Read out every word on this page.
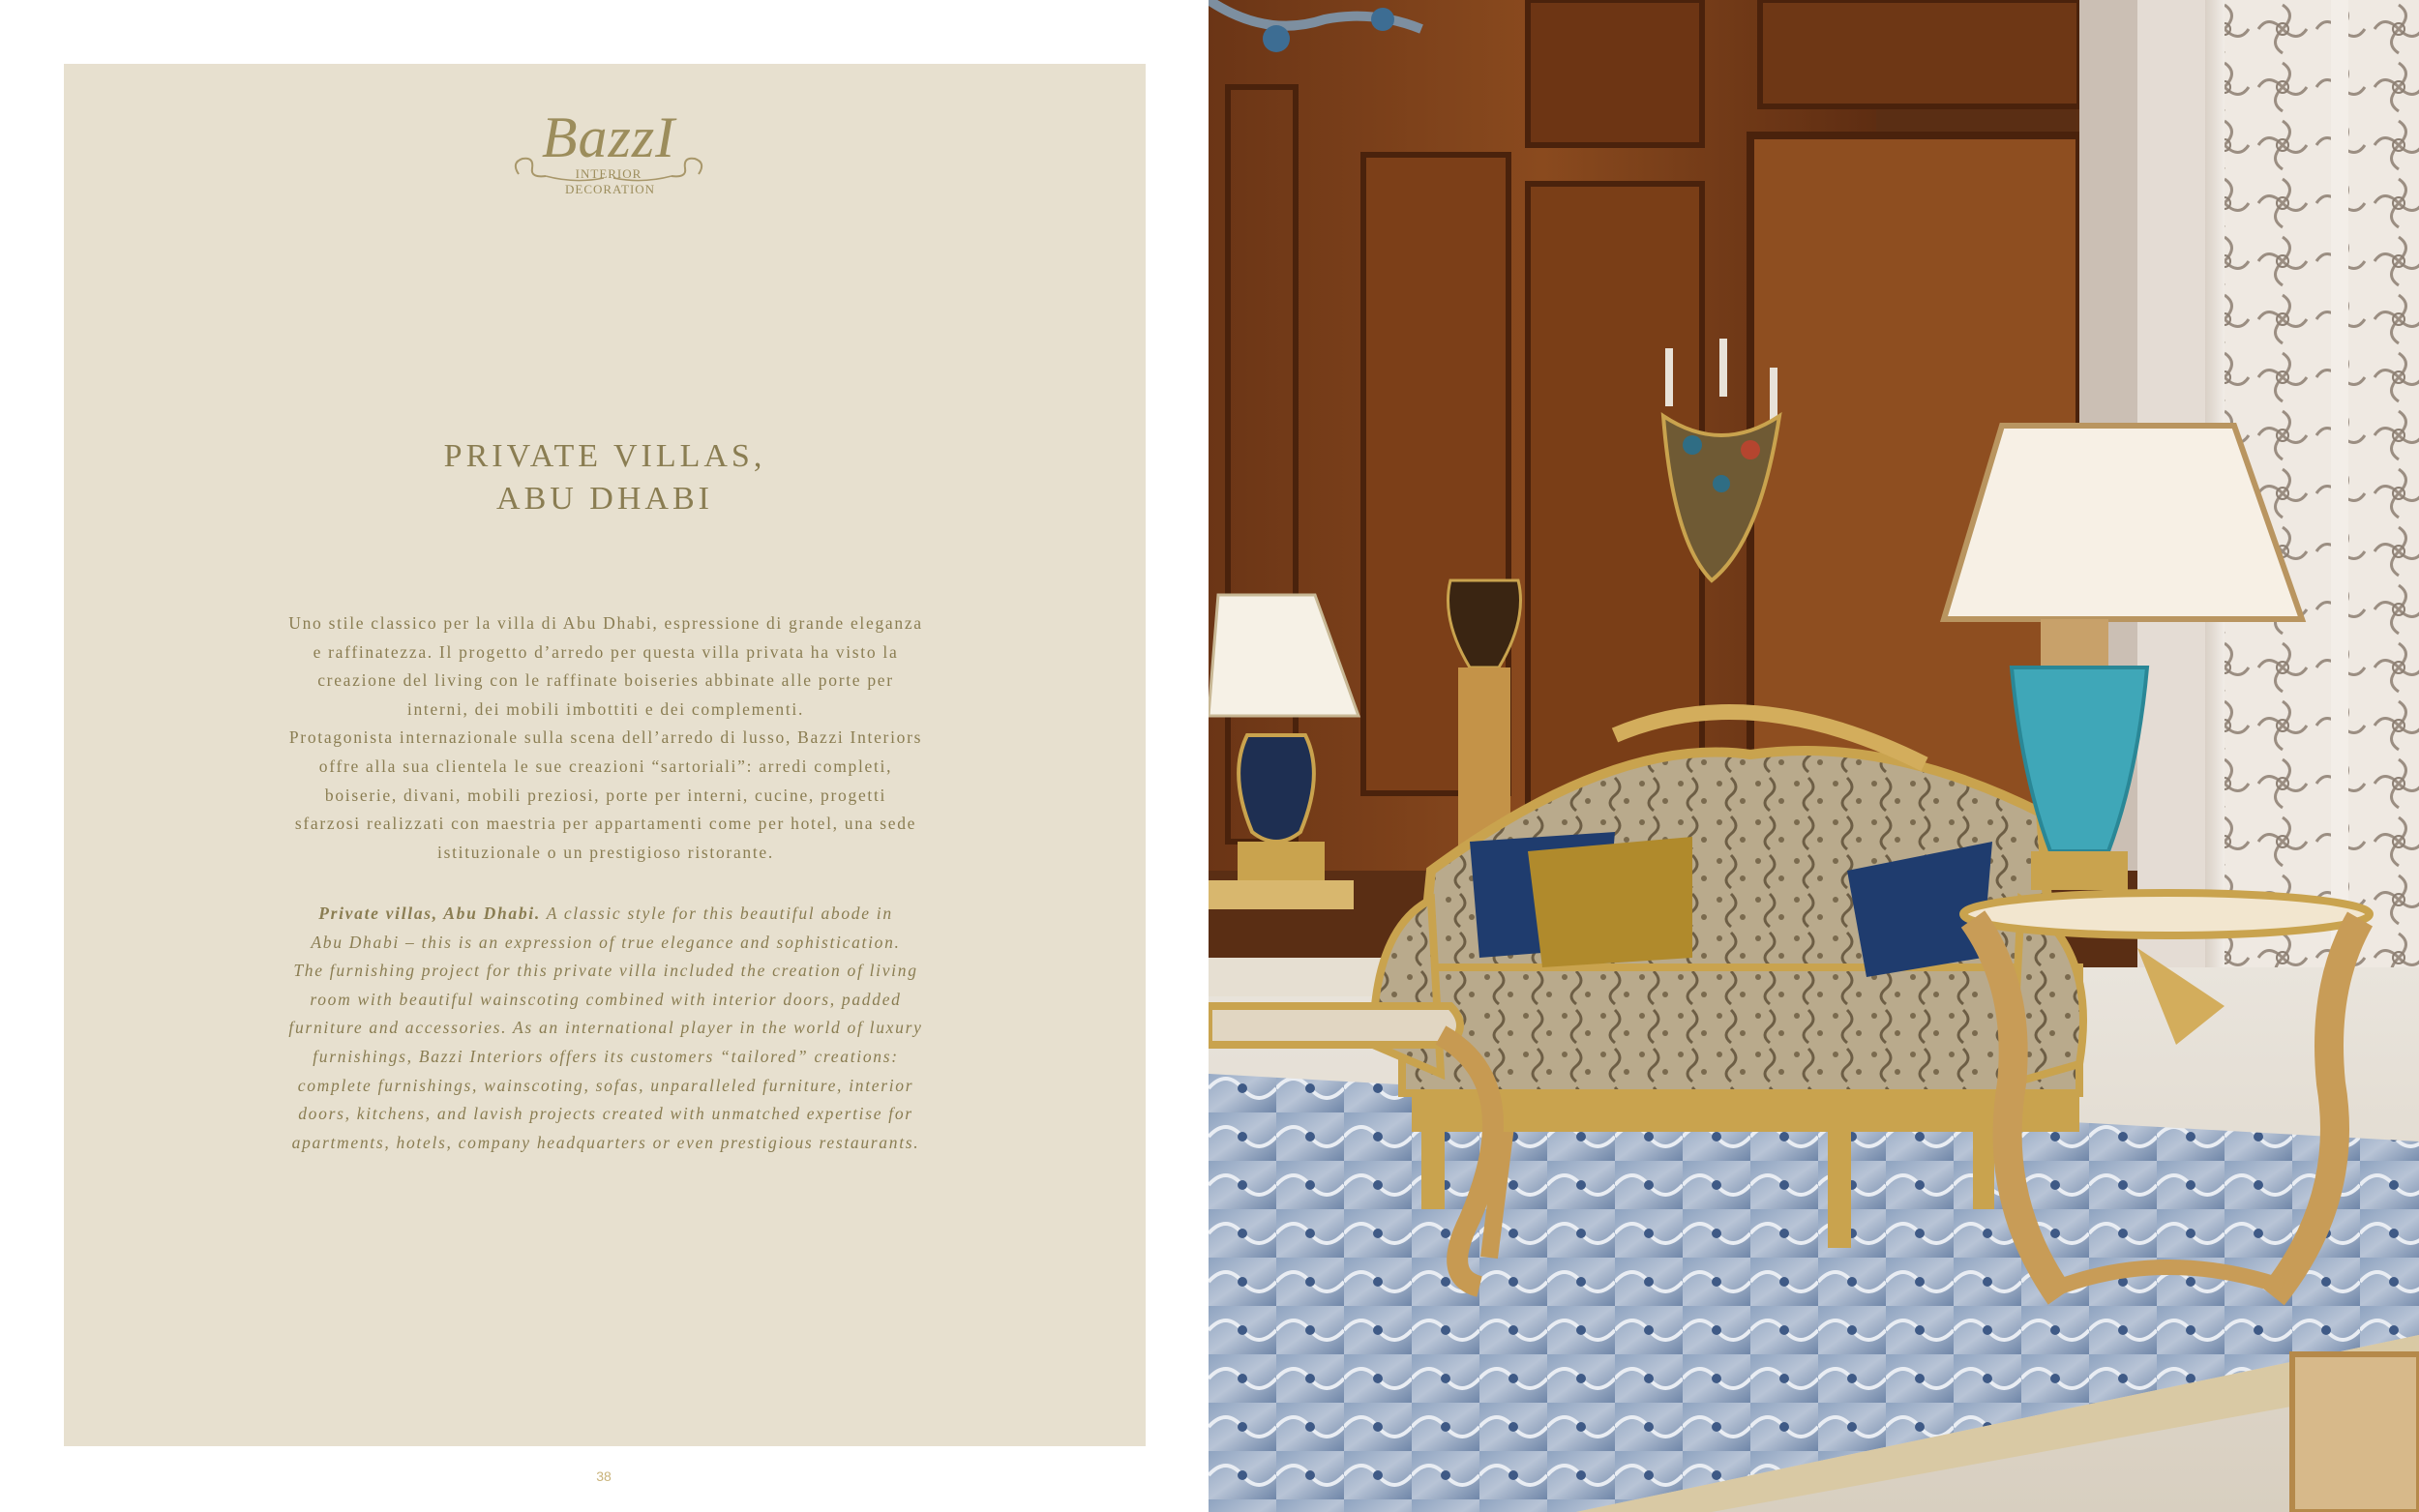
BazzI
INTERIOR
DECORATION
PRIVATE VILLAS,
ABU DHABI

Uno stile classico per la villa di Abu Dhabi, espressione di grande eleganza

e raffinatezza. Il progetto d’arredo per questa villa privata ha visto la

creazione del living con le raffinate boiseries abbinate alle porte per

interni, dei mobili imbottiti e dei complementi.

Protagonista internazionale sulla scena dell’arredo di lusso, Bazzi Interiors

offre alla sua clientela le sue creazioni “sartoriali”: arredi completi,

boiserie, divani, mobili preziosi, porte per interni, cucine, progetti

sfarzosi realizzati con maestria per appartamenti come per hotel, una sede

istituzionale o un prestigioso ristorante.

Private villas, Abu Dhabi. A classic style for this beautiful abode in

Abu Dhabi – this is an expression of true elegance and sophistication.

The furnishing project for this private villa included the creation of living

room with beautiful wainscoting combined with interior doors, padded

furniture and accessories. As an international player in the world of luxury

furnishings, Bazzi Interiors offers its customers “tailored” creations:

complete furnishings, wainscoting, sofas, unparalleled furniture, interior

doors, kitchens, and lavish projects created with unmatched expertise for

apartments, hotels, company headquarters or even prestigious restaurants.

38
